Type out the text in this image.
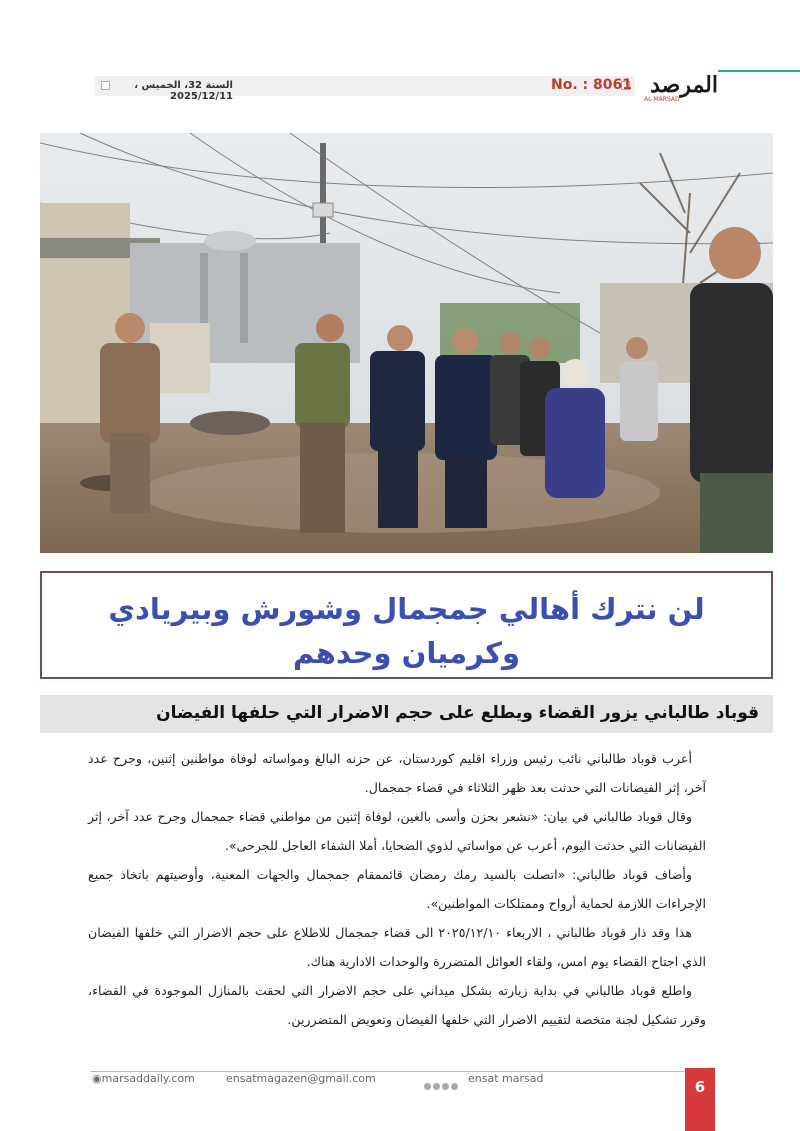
السنة 32، الخميس ، 2025/12/11
No. : 8061 المرصد
AL-MARSAD
لن نترك أهالي جمجمال وشورش وبيريادي وكرميان وحدهم
قوباد طالباني يزور القضاء ويطلع على حجم الاضرار التي حلفها الفيضان

أعرب قوباد طالباني نائب رئيس وزراء اقليم كوردستان، عن حزنه البالغ ومواساته لوفاة مواطنين إثنين، وجرح عدد آخر، إثر الفيضانات التي حدثت بعد ظهر الثلاثاء في قضاء جمجمال.

وقال قوباد طالباني في بيان: «نشعر بحزن وأسى بالغين، لوفاة إثنين من مواطني قضاء جمجمال وجرح عدد آخر، إثر الفيضانات التي حدثت اليوم، أعرب عن مواساتي لذوي الضحايا، أملا الشفاء العاجل للجرحى».

وأضاف قوباد طالباني: «اتصلت بالسيد رمك رمضان قائممقام جمجمال والجهات المعنية، وأوصيتهم باتخاذ جميع الإجراءات اللازمة لحماية أرواح وممتلكات المواطنين».

هذا وقد ذار قوباد طالباني ، الاربعاء ٢٠٢٥/١٢/١٠ الى قضاء جمجمال للاطلاع على حجم الاضرار التي خلفها الفيضان الذي اجتاح القضاء يوم امس، ولقاء العوائل المتضررة والوحدات الادارية هناك.

واطلع قوباد طالباني في بداية زيارته بشكل ميداني على حجم الاضرار التي لحقت بالمنازل الموجودة في القضاء، وقرر تشكيل لجنة متخصة لتقييم الاضرار التي خلفها الفيضان وتعويض المتضررين.

◉marsaddaily.com	ensatmagazen@gmail.com	ensat marsad	6
